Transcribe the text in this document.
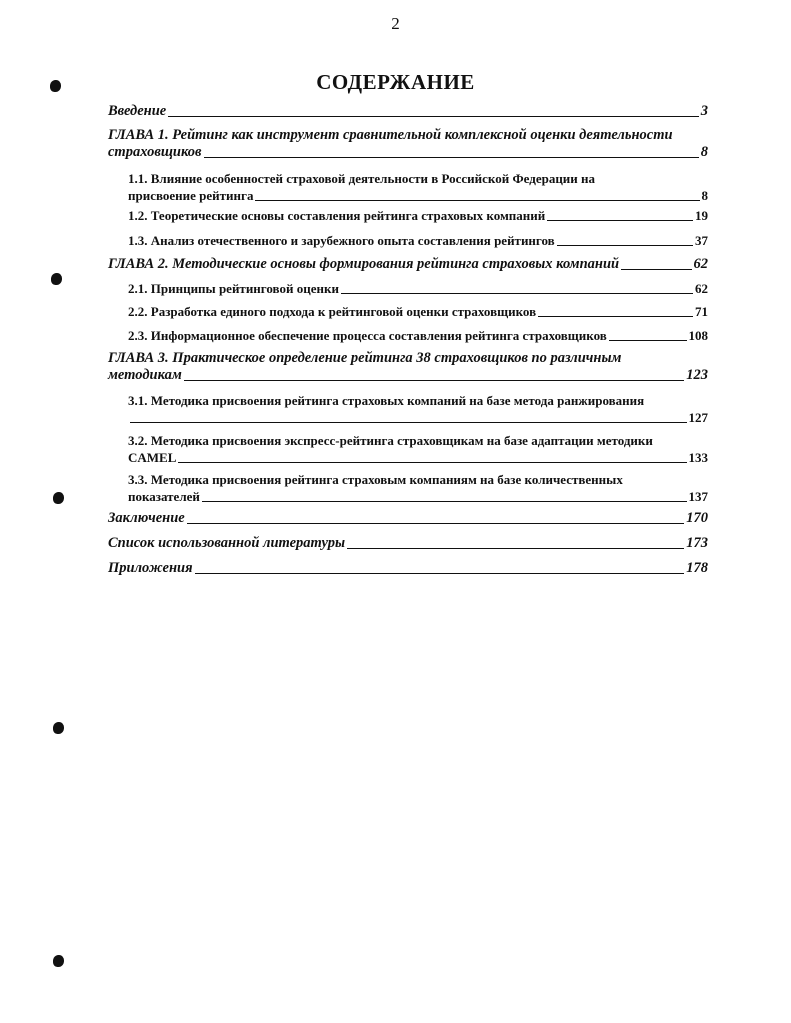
2
СОДЕРЖАНИЕ
Введение	3
ГЛАВА 1. Рейтинг как инструмент сравнительной комплексной оценки деятельности
страховщиков	8
1.1. Влияние особенностей страховой деятельности в Российской Федерации на
присвоение рейтинга	8
1.2. Теоретические основы составления рейтинга страховых компаний	19
1.3. Анализ отечественного и зарубежного опыта составления рейтингов	37
ГЛАВА 2. Методические основы формирования рейтинга страховых компаний	62
2.1. Принципы рейтинговой оценки	62
2.2. Разработка единого подхода к рейтинговой оценки страховщиков	71
2.3. Информационное обеспечение процесса составления рейтинга страховщиков	108
ГЛАВА 3. Практическое определение рейтинга 38 страховщиков по различным
методикам	123
3.1. Методика присвоения рейтинга страховых компаний на базе метода ранжирования
127
3.2. Методика присвоения экспресс-рейтинга страховщикам на базе адаптации методики
CAMEL	133
3.3. Методика присвоения рейтинга страховым компаниям на базе количественных
показателей	137
Заключение	170
Список использованной литературы	173
Приложения	178
